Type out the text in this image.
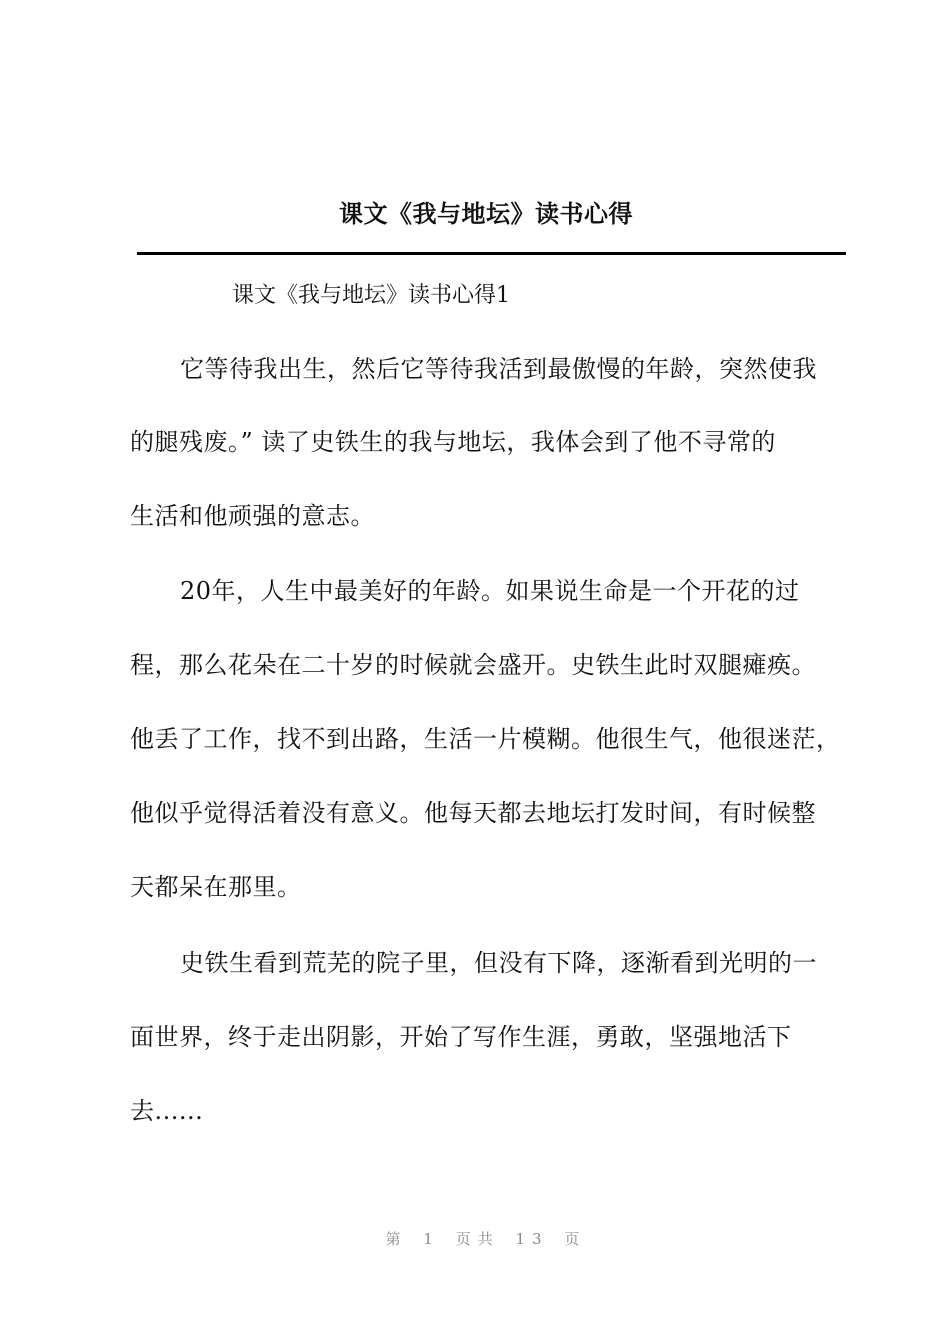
课文《我与地坛》读书心得
课文《我与地坛》读书心得1
它等待我出生，然后它等待我活到最傲慢的年龄，突然使我
的腿残废。” 读了史铁生的我与地坛，我体会到了他不寻常的
生活和他顽强的意志。
20年，人生中最美好的年龄。如果说生命是一个开花的过
程，那么花朵在二十岁的时候就会盛开。史铁生此时双腿瘫痪。
他丢了工作，找不到出路，生活一片模糊。他很生气，他很迷茫，
他似乎觉得活着没有意义。他每天都去地坛打发时间，有时候整
天都呆在那里。
史铁生看到荒芜的院子里，但没有下降，逐渐看到光明的一
面世界，终于走出阴影，开始了写作生涯，勇敢，坚强地活下
去......
第 1 页共 13 页
